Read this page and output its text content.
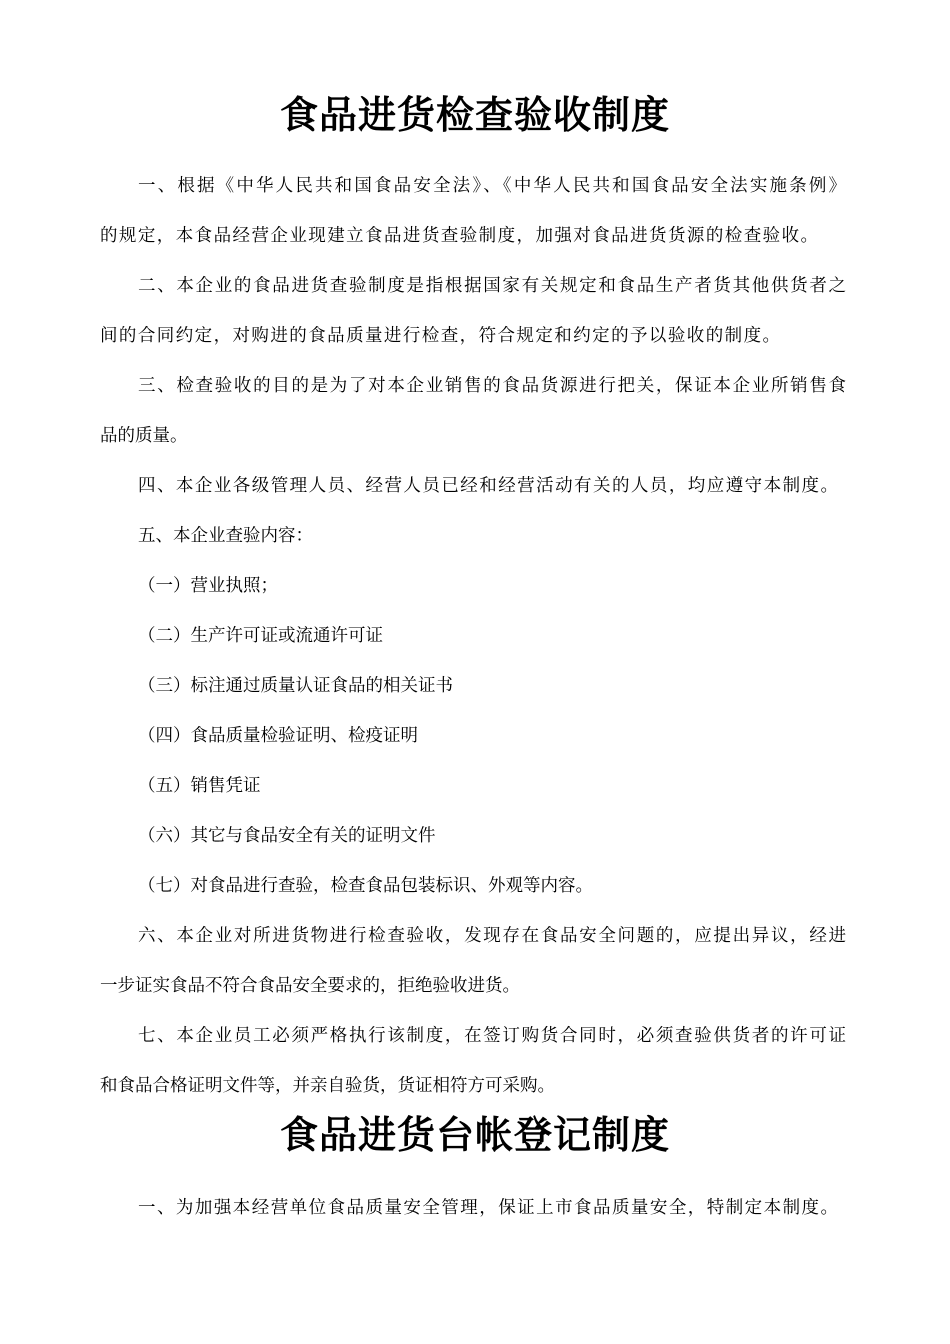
食品进货检查验收制度

一、根据《中华人民共和国食品安全法》、《中华人民共和国食品安全法实施条例》

的规定，本食品经营企业现建立食品进货查验制度，加强对食品进货货源的检查验收。

二、本企业的食品进货查验制度是指根据国家有关规定和食品生产者货其他供货者之

间的合同约定，对购进的食品质量进行检查，符合规定和约定的予以验收的制度。

三、检查验收的目的是为了对本企业销售的食品货源进行把关，保证本企业所销售食

品的质量。

四、本企业各级管理人员、经营人员已经和经营活动有关的人员，均应遵守本制度。

五、本企业查验内容：

（一）营业执照；

（二）生产许可证或流通许可证

（三）标注通过质量认证食品的相关证书

（四）食品质量检验证明、检疫证明

（五）销售凭证

（六）其它与食品安全有关的证明文件

（七）对食品进行查验，检查食品包装标识、外观等内容。

六、本企业对所进货物进行检查验收，发现存在食品安全问题的，应提出异议，经进

一步证实食品不符合食品安全要求的，拒绝验收进货。

七、本企业员工必须严格执行该制度，在签订购货合同时，必须查验供货者的许可证

和食品合格证明文件等，并亲自验货，货证相符方可采购。

食品进货台帐登记制度

一、为加强本经营单位食品质量安全管理，保证上市食品质量安全，特制定本制度。
